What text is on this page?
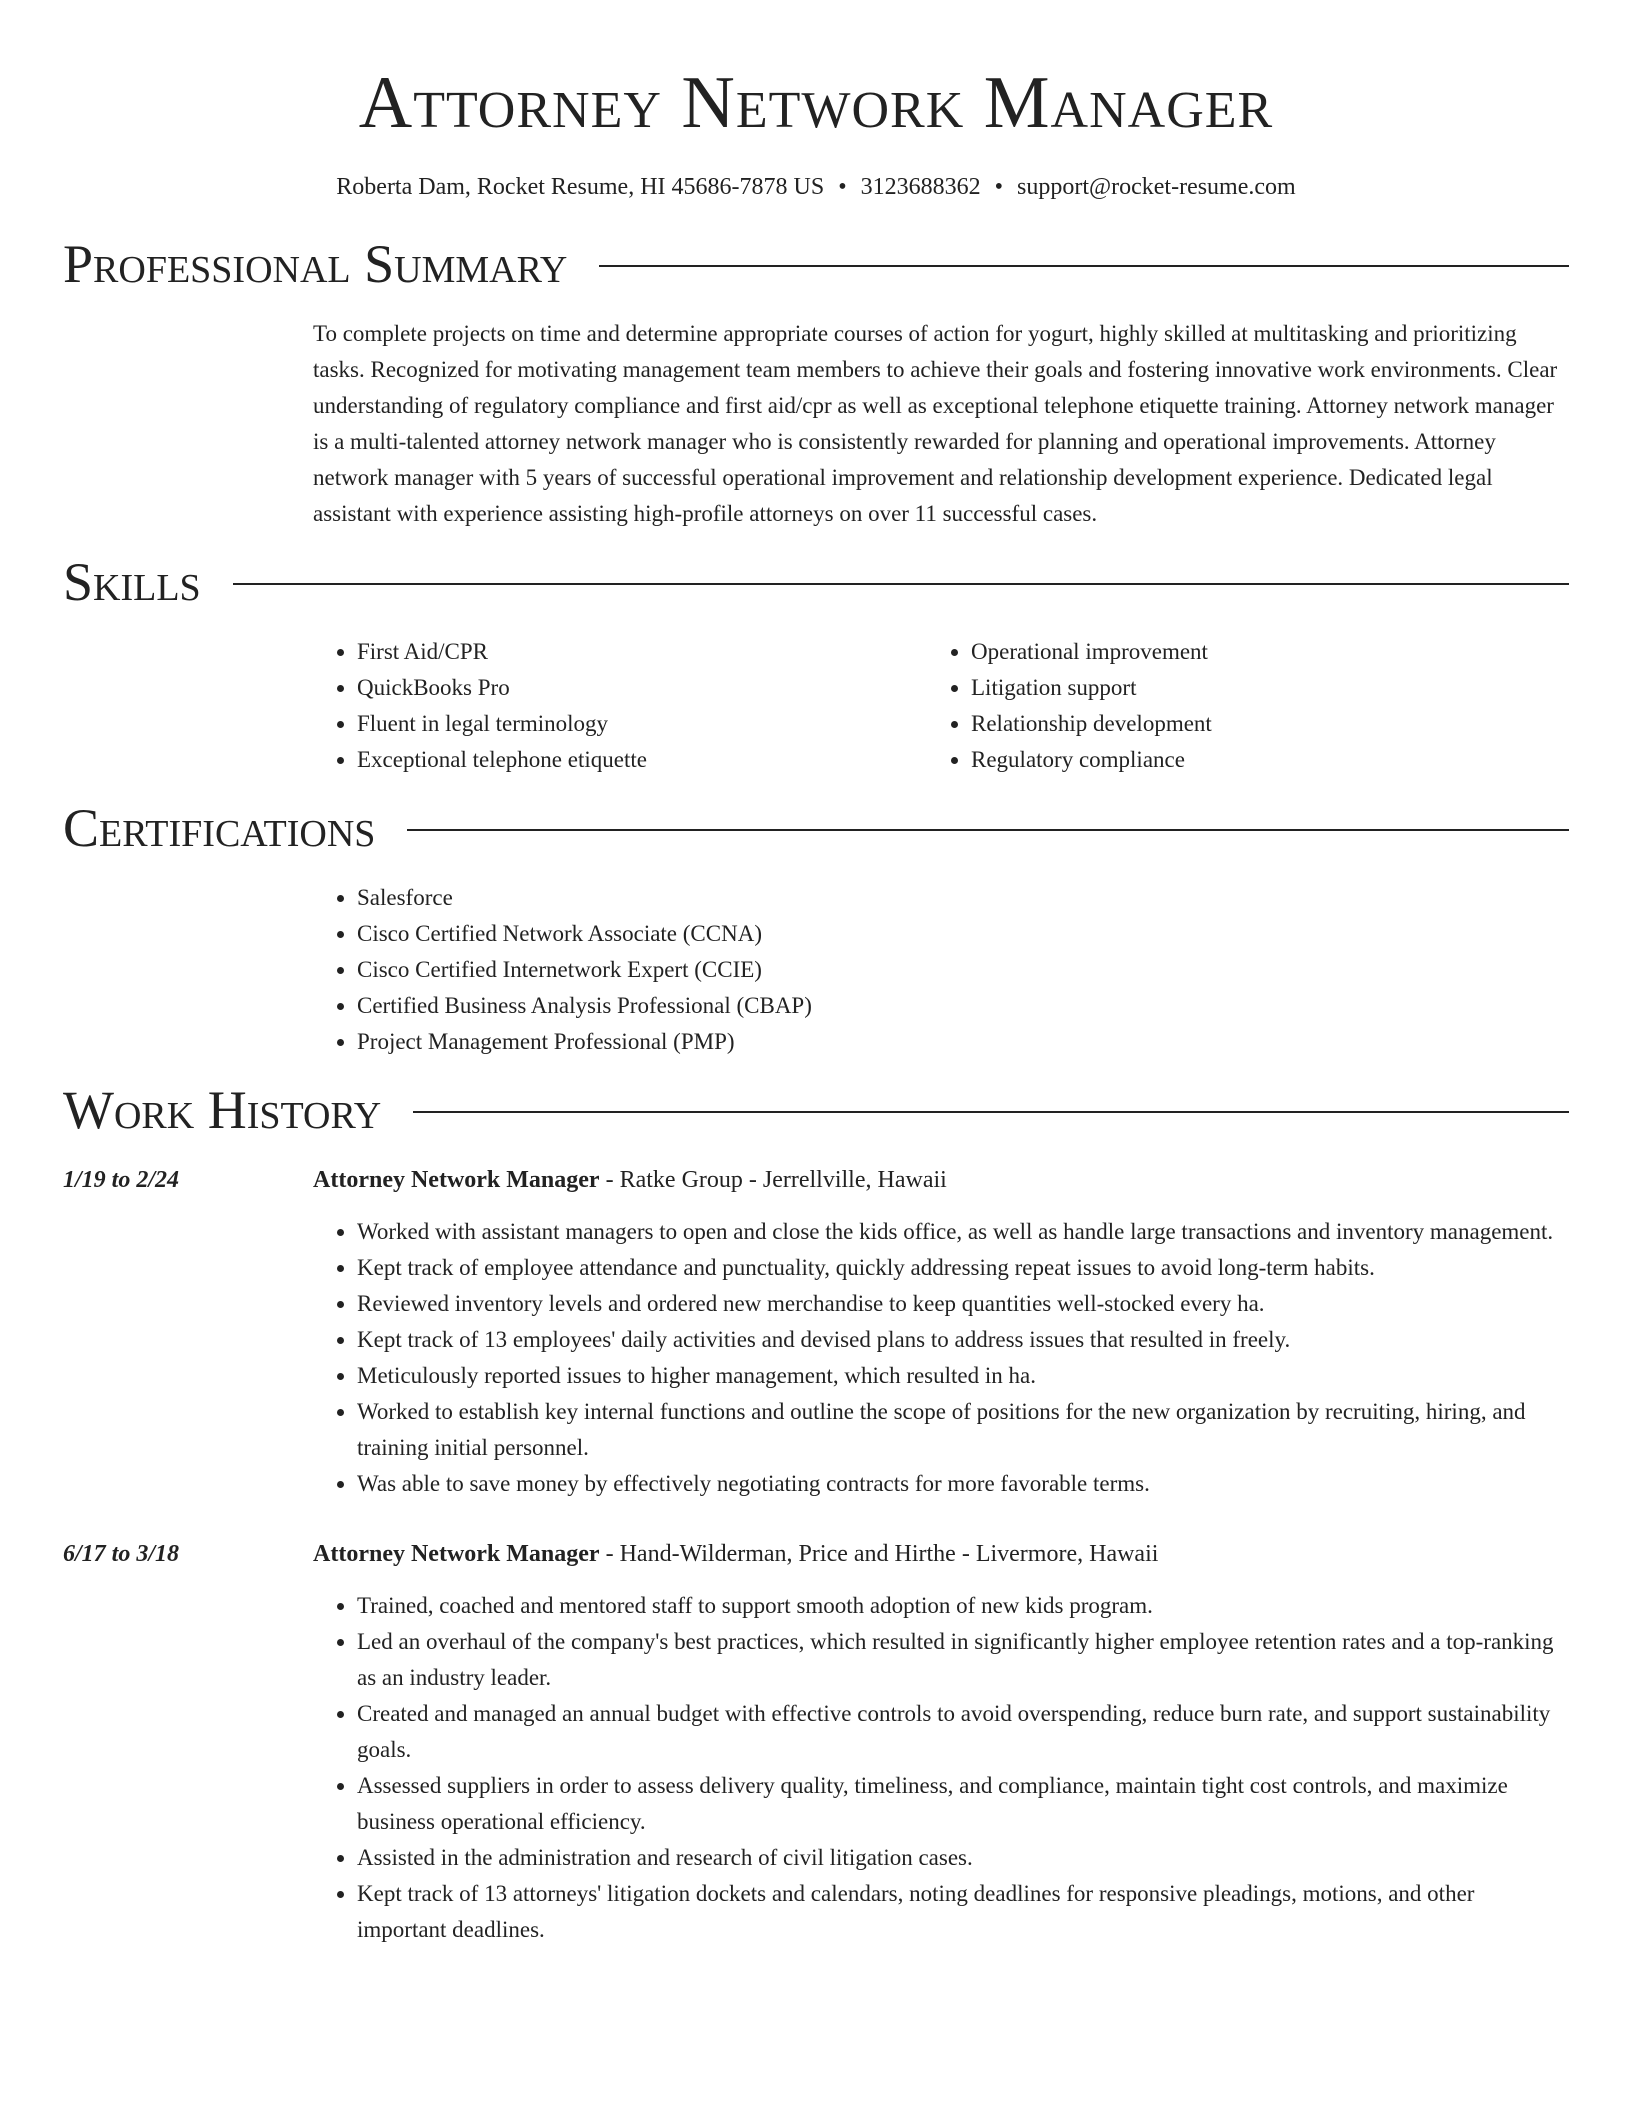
Attorney Network Manager
Roberta Dam, Rocket Resume, HI 45686-7878 US • 3123688362 • support@rocket-resume.com
Professional Summary

To complete projects on time and determine appropriate courses of action for yogurt, highly skilled at multitasking and prioritizing tasks. Recognized for motivating management team members to achieve their goals and fostering innovative work environments. Clear understanding of regulatory compliance and first aid/cpr as well as exceptional telephone etiquette training. Attorney network manager is a multi-talented attorney network manager who is consistently rewarded for planning and operational improvements. Attorney network manager with 5 years of successful operational improvement and relationship development experience. Dedicated legal assistant with experience assisting high-profile attorneys on over 11 successful cases.

Skills
• First Aid/CPR
• QuickBooks Pro
• Fluent in legal terminology
• Exceptional telephone etiquette
• Operational improvement
• Litigation support
• Relationship development
• Regulatory compliance
Certifications
• Salesforce
• Cisco Certified Network Associate (CCNA)
• Cisco Certified Internetwork Expert (CCIE)
• Certified Business Analysis Professional (CBAP)
• Project Management Professional (PMP)
Work History
1/19 to 2/24	Attorney Network Manager - Ratke Group - Jerrellville, Hawaii
• Worked with assistant managers to open and close the kids office, as well as handle large transactions and inventory management.
• Kept track of employee attendance and punctuality, quickly addressing repeat issues to avoid long-term habits.
• Reviewed inventory levels and ordered new merchandise to keep quantities well-stocked every ha.
• Kept track of 13 employees' daily activities and devised plans to address issues that resulted in freely.
• Meticulously reported issues to higher management, which resulted in ha.
• Worked to establish key internal functions and outline the scope of positions for the new organization by recruiting, hiring, and training initial personnel.
• Was able to save money by effectively negotiating contracts for more favorable terms.
6/17 to 3/18	Attorney Network Manager - Hand-Wilderman, Price and Hirthe - Livermore, Hawaii
• Trained, coached and mentored staff to support smooth adoption of new kids program.
• Led an overhaul of the company's best practices, which resulted in significantly higher employee retention rates and a top-ranking as an industry leader.
• Created and managed an annual budget with effective controls to avoid overspending, reduce burn rate, and support sustainability goals.
• Assessed suppliers in order to assess delivery quality, timeliness, and compliance, maintain tight cost controls, and maximize business operational efficiency.
• Assisted in the administration and research of civil litigation cases.
• Kept track of 13 attorneys' litigation dockets and calendars, noting deadlines for responsive pleadings, motions, and other important deadlines.
